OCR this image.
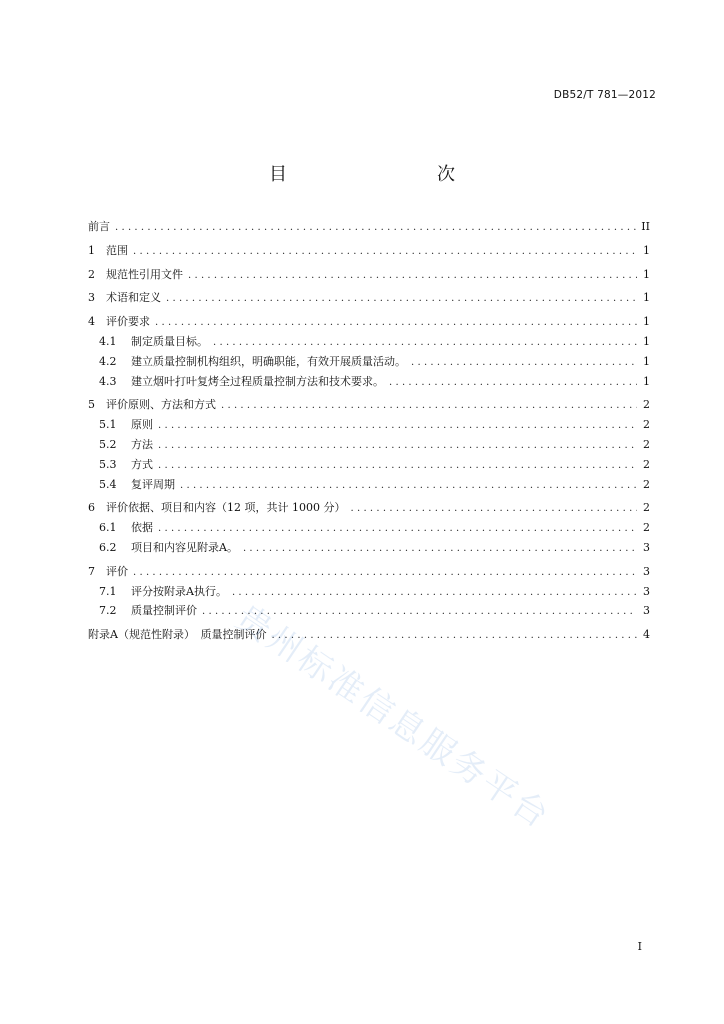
DB52/T 781—2012
目　　次
前言 .....	II
1	范围 .....	1
2	规范性引用文件 .....	1
3	术语和定义 .....	1
4	评价要求 .....	1
4.1	制定质量目标。 .....	1
4.2	建立质量控制机构组织，明确职能，有效开展质量活动。 .....	1
4.3	建立烟叶打叶复烤全过程质量控制方法和技术要求。 .....	1
5	评价原则、方法和方式 .....	2
5.1	原则 .....	2
5.2	方法 .....	2
5.3	方式 .....	2
5.4	复评周期 .....	2
6	评价依据、项目和内容（12 项，共计 1000 分） .....	2
6.1	依据 .....	2
6.2	项目和内容见附录A。 .....	3
7	评价 .....	3
7.1	评分按附录A执行。 .....	3
7.2	质量控制评价 .....	3
附录A（规范性附录）　质量控制评价 .....	4
贵州标准信息服务平台
I
